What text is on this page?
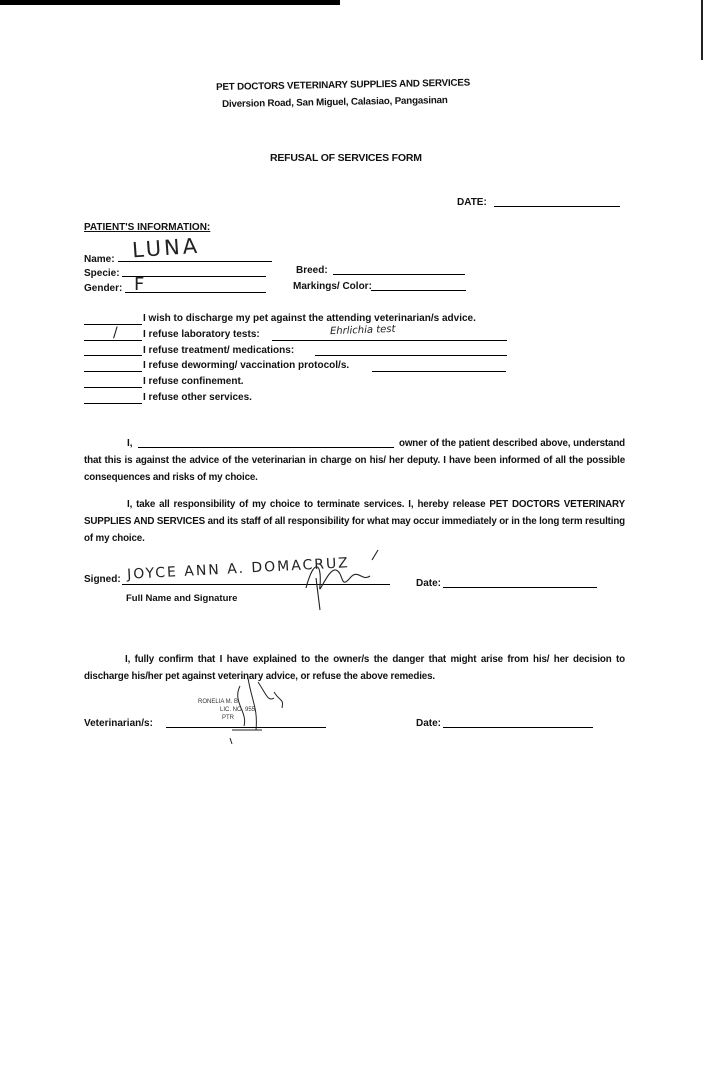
PET DOCTORS VETERINARY SUPPLIES AND SERVICES
Diversion Road, San Miguel, Calasiao, Pangasinan
REFUSAL OF SERVICES FORM
DATE:
PATIENT'S INFORMATION:
Name: LUNA
Specie:
Gender: F
Breed:
Markings/ Color:
I wish to discharge my pet against the attending veterinarian/s advice.
/	I refuse laboratory tests:	Ehrlichia test
I refuse treatment/ medications:
I refuse deworming/ vaccination protocol/s.
I refuse confinement.
I refuse other services.
I,	owner of the patient described above, understand that this is against the advice of the veterinarian in charge on his/ her deputy. I have been informed of all the possible consequences and risks of my choice.
I, take all responsibility of my choice to terminate services. I, hereby release PET DOCTORS VETERINARY SUPPLIES AND SERVICES and its staff of all responsibility for what may occur immediately or in the long term resulting of my choice.
Signed: JOYCE ANN A. DOMACRUZ
Full Name and Signature
Date:
I, fully confirm that I have explained to the owner/s the danger that might arise from his/ her decision to discharge his/her pet against veterinary advice, or refuse the above remedies.
RONELIA M. B
LIC. NO. 955
PTR
Veterinarian/s:	Date:
